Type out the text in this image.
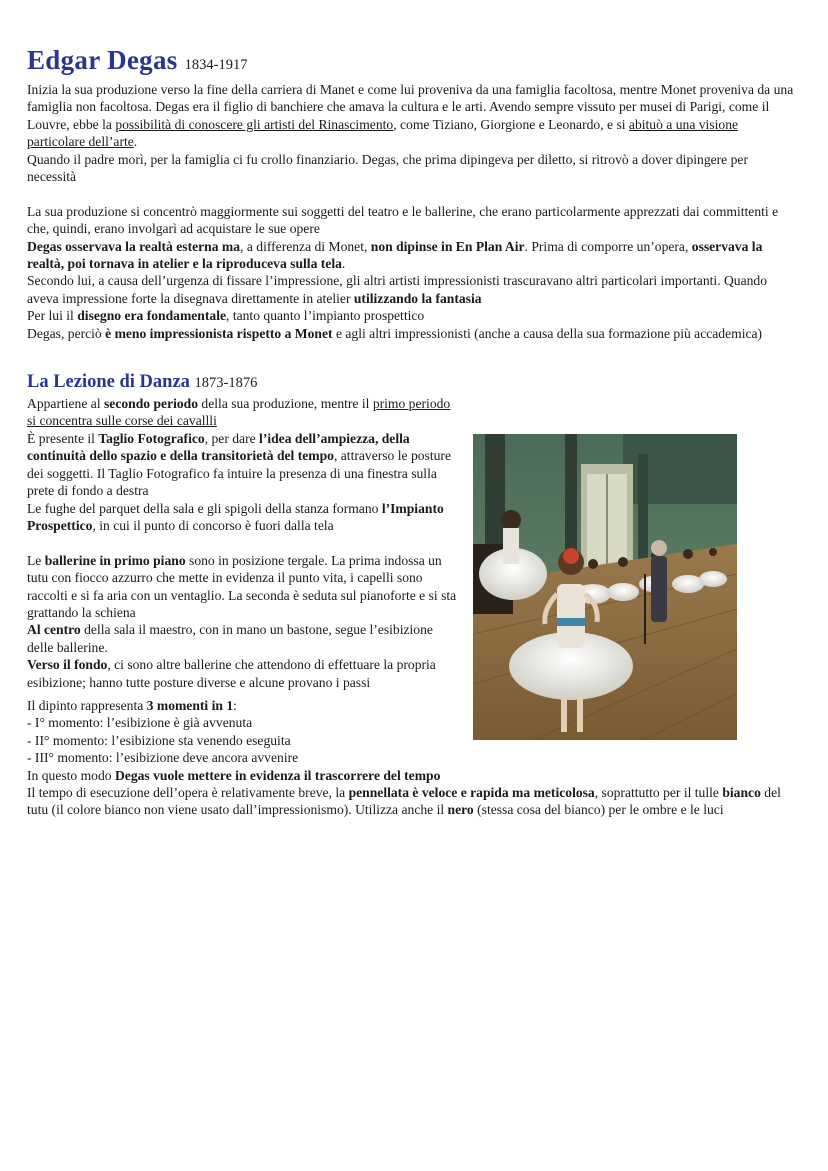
Edgar Degas 1834-1917

Inizia la sua produzione verso la fine della carriera di Manet e come lui proveniva da una famiglia facoltosa, mentre Monet proveniva da una famiglia non facoltosa. Degas era il figlio di banchiere che amava la cultura e le arti. Avendo sempre vissuto per musei di Parigi, come il Louvre, ebbe la possibilità di conoscere gli artisti del Rinascimento, come Tiziano, Giorgione e Leonardo, e si abituò a una visione particolare dell’arte.

Quando il padre morì, per la famiglia ci fu crollo finanziario. Degas, che prima dipingeva per diletto, si ritrovò a dover dipingere per necessità

La sua produzione si concentrò maggiormente sui soggetti del teatro e le ballerine, che erano particolarmente apprezzati dai committenti e che, quindi, erano involgarì ad acquistare le sue opere

Degas osservava la realtà esterna ma, a differenza di Monet, non dipinse in En Plan Air. Prima di comporre un’opera, osservava la realtà, poi tornava in atelier e la riproduceva sulla tela.

Secondo lui, a causa dell’urgenza di fissare l’impressione, gli altri artisti impressionisti trascuravano altri particolari importanti. Quando aveva impressione forte la disegnava direttamente in atelier utilizzando la fantasia

Per lui il disegno era fondamentale, tanto quanto l’impianto prospettico

Degas, perciò è meno impressionista rispetto a Monet e agli altri impressionisti (anche a causa della sua formazione più accademica)

La Lezione di Danza 1873-1876

Appartiene al secondo periodo della sua produzione, mentre il primo periodo si concentra sulle corse dei cavallli

È presente il Taglio Fotografico, per dare l’idea dell’ampiezza, della continuità dello spazio e della transitorietà del tempo, attraverso le posture dei soggetti. Il Taglio Fotografico fa intuire la presenza di una finestra sulla prete di fondo a destra

Le fughe del parquet della sala e gli spigoli della stanza formano l’Impianto Prospettico, in cui il punto di concorso è fuori dalla tela

Le ballerine in primo piano sono in posizione tergale. La prima indossa un tutu con fiocco azzurro che mette in evidenza il punto vita, i capelli sono raccolti e si fa aria con un ventaglio. La seconda è seduta sul pianoforte e si sta grattando la schiena

Al centro della sala il maestro, con in mano un bastone, segue l’esibizione delle ballerine.

Verso il fondo, ci sono altre ballerine che attendono di effettuare la propria esibizione; hanno tutte posture diverse e alcune provano i passi

Il dipinto rappresenta 3 momenti in 1:

- I° momento: l’esibizione è già avvenuta

- II° momento: l’esibizione sta venendo eseguita

- III° momento: l’esibizione deve ancora avvenire

In questo modo Degas vuole mettere in evidenza il trascorrere del tempo

Il tempo di esecuzione dell’opera è relativamente breve, la pennellata è veloce e rapida ma meticolosa, soprattutto per il tulle bianco del tutu (il colore bianco non viene usato dall’impressionismo). Utilizza anche il nero (stessa cosa del bianco) per le ombre e le luci
